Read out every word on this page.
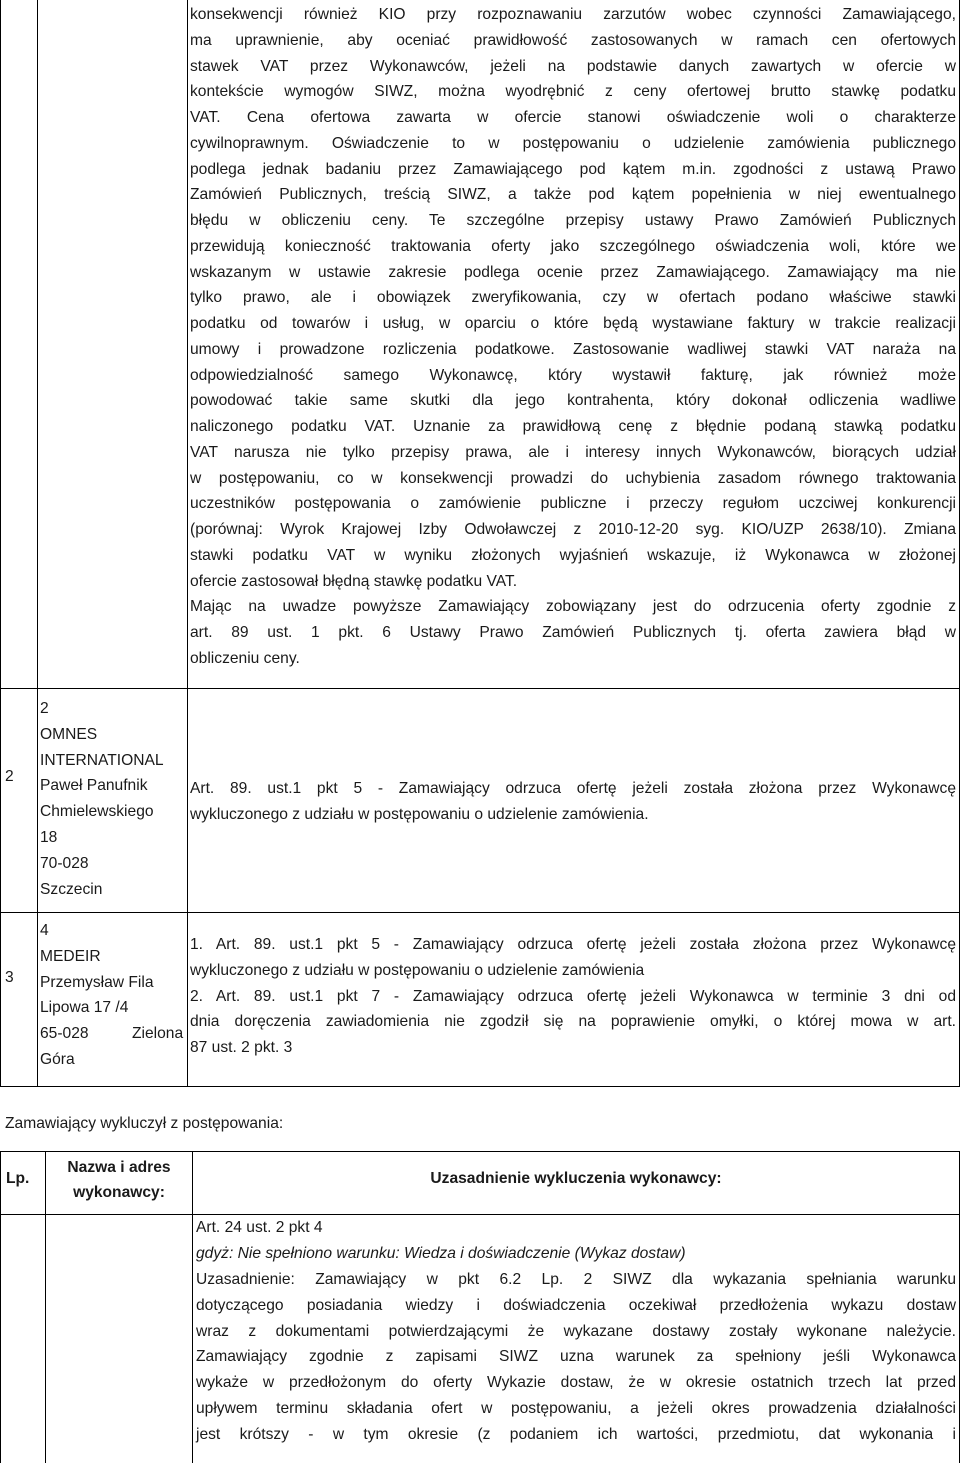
konsekwencji również KIO przy rozpoznawaniu zarzutów wobec czynności Zamawiającego,
ma uprawnienie, aby oceniać prawidłowość zastosowanych w ramach cen ofertowych
stawek VAT przez Wykonawców, jeżeli na podstawie danych zawartych w ofercie w
kontekście wymogów SIWZ, można wyodrębnić z ceny ofertowej brutto stawkę podatku
VAT. Cena ofertowa zawarta w ofercie stanowi oświadczenie woli o charakterze
cywilnoprawnym. Oświadczenie to w postępowaniu o udzielenie zamówienia publicznego
podlega jednak badaniu przez Zamawiającego pod kątem m.in. zgodności z ustawą Prawo
Zamówień Publicznych, treścią SIWZ, a także pod kątem popełnienia w niej ewentualnego
błędu w obliczeniu ceny. Te szczególne przepisy ustawy Prawo Zamówień Publicznych
przewidują konieczność traktowania oferty jako szczególnego oświadczenia woli, które we
wskazanym w ustawie zakresie podlega ocenie przez Zamawiającego. Zamawiający ma nie
tylko prawo, ale i obowiązek zweryfikowania, czy w ofertach podano właściwe stawki
podatku od towarów i usług, w oparciu o które będą wystawiane faktury w trakcie realizacji
umowy i prowadzone rozliczenia podatkowe. Zastosowanie wadliwej stawki VAT naraża na
odpowiedzialność samego Wykonawcę, który wystawił fakturę, jak również może
powodować takie same skutki dla jego kontrahenta, który dokonał odliczenia wadliwe
naliczonego podatku VAT. Uznanie za prawidłową cenę z błędnie podaną stawką podatku
VAT narusza nie tylko przepisy prawa, ale i interesy innych Wykonawców, biorących udział
w postępowaniu, co w konsekwencji prowadzi do uchybienia zasadom równego traktowania
uczestników postępowania o zamówienie publiczne i przeczy regułom uczciwej konkurencji
(porównaj: Wyrok Krajowej Izby Odwoławczej z 2010-12-20 syg. KIO/UZP 2638/10). Zmiana
stawki podatku VAT w wyniku złożonych wyjaśnień wskazuje, iż Wykonawca w złożonej
ofercie zastosował błędną stawkę podatku VAT.
Mając na uwadze powyższe Zamawiający zobowiązany jest do odrzucenia oferty zgodnie z
art. 89 ust. 1 pkt. 6 Ustawy Prawo Zamówień Publicznych tj. oferta zawiera błąd w
obliczeniu ceny.
2
2
OMNES
INTERNATIONAL
Paweł Panufnik
Chmielewskiego
18
70-028
Szczecin
Art. 89. ust.1 pkt 5 - Zamawiający odrzuca ofertę jeżeli została złożona przez Wykonawcę
wykluczonego z udziału w postępowaniu o udzielenie zamówienia.
3
4
MEDEIR
Przemysław Fila
Lipowa 17 /4
65-028	Zielona
Góra
1. Art. 89. ust.1 pkt 5 - Zamawiający odrzuca ofertę jeżeli została złożona przez Wykonawcę
wykluczonego z udziału w postępowaniu o udzielenie zamówienia
2. Art. 89. ust.1 pkt 7 - Zamawiający odrzuca ofertę jeżeli Wykonawca w terminie 3 dni od
dnia doręczenia zawiadomienia nie zgodził się na poprawienie omyłki, o której mowa w art.
87 ust. 2 pkt. 3
Zamawiający wykluczył z postępowania:
Lp.
Nazwa i adres
wykonawcy:
Uzasadnienie wykluczenia wykonawcy:
Art. 24 ust. 2 pkt 4
gdyż: Nie spełniono warunku: Wiedza i doświadczenie (Wykaz dostaw)
Uzasadnienie: Zamawiający w pkt 6.2 Lp. 2 SIWZ dla wykazania spełniania warunku
dotyczącego posiadania wiedzy i doświadczenia oczekiwał przedłożenia wykazu dostaw
wraz z dokumentami potwierdzającymi że wykazane dostawy zostały wykonane należycie.
Zamawiający zgodnie z zapisami SIWZ uzna warunek za spełniony jeśli Wykonawca
wykaże w przedłożonym do oferty Wykazie dostaw, że w okresie ostatnich trzech lat przed
upływem terminu składania ofert w postępowaniu, a jeżeli okres prowadzenia działalności
jest krótszy - w tym okresie (z podaniem ich wartości, przedmiotu, dat wykonania i
